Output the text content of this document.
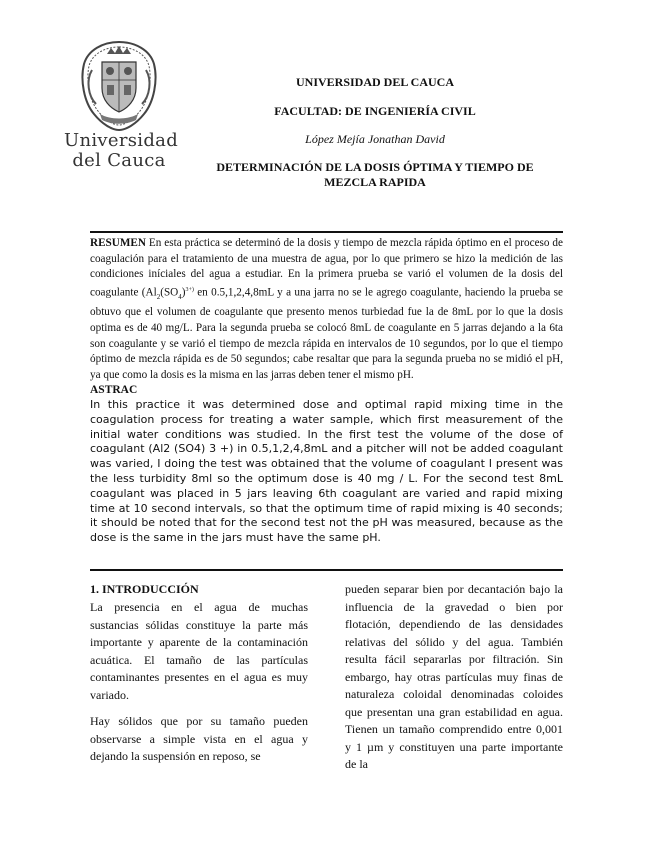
Universidad
del Cauca
UNIVERSIDAD DEL CAUCA
FACULTAD: DE INGENIERÍA CIVIL
López Mejía Jonathan David
DETERMINACIÓN DE LA DOSIS ÓPTIMA Y TIEMPO DE MEZCLA RAPIDA
RESUMEN En esta práctica se determinó de la dosis y tiempo de mezcla rápida óptimo en el proceso de coagulación para el tratamiento de una muestra de agua, por lo que primero se hizo la medición de las condiciones iníciales del agua a estudiar. En la primera prueba se varió el volumen de la dosis del coagulante ($Al_2(SO_4)^{3+)}$ en 0.5,1,2,4,8mL y a una jarra no se le agrego coagulante, haciendo la prueba se obtuvo que el volumen de coagulante que presento menos turbiedad fue la de 8mL por lo que la dosis optima es de 40 mg/L. Para la segunda prueba se colocó 8mL de coagulante en 5 jarras dejando a la 6ta son coagulante y se varió el tiempo de mezcla rápida en intervalos de 10 segundos, por lo que el tiempo óptimo de mezcla rápida es de 50 segundos; cabe resaltar que para la segunda prueba no se midió el pH, ya que como la dosis es la misma en las jarras deben tener el mismo pH.
ASTRAC
In this practice it was determined dose and optimal rapid mixing time in the coagulation process for treating a water sample, which first measurement of the initial water conditions was studied. In the first test the volume of the dose of coagulant (Al2 (SO4) 3 +) in 0.5,1,2,4,8mL and a pitcher will not be added coagulant was varied, I doing the test was obtained that the volume of coagulant I present was the less turbidity 8ml so the optimum dose is 40 mg / L. For the second test 8mL coagulant was placed in 5 jars leaving 6th coagulant are varied and rapid mixing time at 10 second intervals, so that the optimum time of rapid mixing is 40 seconds; it should be noted that for the second test not the pH was measured, because as the dose is the same in the jars must have the same pH.
1. INTRODUCCIÓN
La presencia en el agua de muchas sustancias sólidas constituye la parte más importante y aparente de la contaminación acuática. El tamaño de las partículas contaminantes presentes en el agua es muy variado.
Hay sólidos que por su tamaño pueden observarse a simple vista en el agua y dejando la suspensión en reposo, se
pueden separar bien por decantación bajo la influencia de la gravedad o bien por flotación, dependiendo de las densidades relativas del sólido y del agua. También resulta fácil separarlas por filtración. Sin embargo, hay otras partículas muy finas de naturaleza coloidal denominadas coloides que presentan una gran estabilidad en agua. Tienen un tamaño comprendido entre 0,001 y 1 µm y constituyen una parte importante de la
